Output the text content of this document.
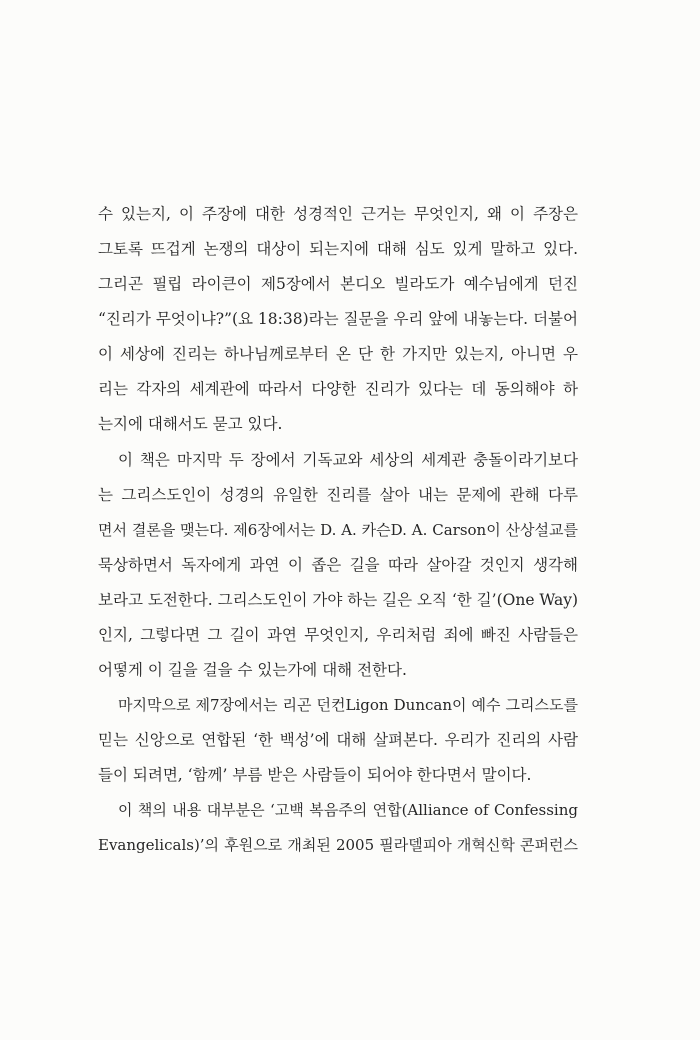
수 있는지, 이 주장에 대한 성경적인 근거는 무엇인지, 왜 이 주장은
그토록 뜨겁게 논쟁의 대상이 되는지에 대해 심도 있게 말하고 있다.
그리곤 필립 라이큰이 제5장에서 본디오 빌라도가 예수님에게 던진
“진리가 무엇이냐?”(요 18:38)라는 질문을 우리 앞에 내놓는다. 더불어
이 세상에 진리는 하나님께로부터 온 단 한 가지만 있는지, 아니면 우
리는 각자의 세계관에 따라서 다양한 진리가 있다는 데 동의해야 하
는지에 대해서도 묻고 있다.
이 책은 마지막 두 장에서 기독교와 세상의 세계관 충돌이라기보다
는 그리스도인이 성경의 유일한 진리를 살아 내는 문제에 관해 다루
면서 결론을 맺는다. 제6장에서는 D. A. 카슨D. A. Carson이 산상설교를
묵상하면서 독자에게 과연 이 좁은 길을 따라 살아갈 것인지 생각해
보라고 도전한다. 그리스도인이 가야 하는 길은 오직 ‘한 길’(One Way)
인지, 그렇다면 그 길이 과연 무엇인지, 우리처럼 죄에 빠진 사람들은
어떻게 이 길을 걸을 수 있는가에 대해 전한다.
마지막으로 제7장에서는 리곤 던컨Ligon Duncan이 예수 그리스도를
믿는 신앙으로 연합된 ‘한 백성’에 대해 살펴본다. 우리가 진리의 사람
들이 되려면, ‘함께’ 부름 받은 사람들이 되어야 한다면서 말이다.
이 책의 내용 대부분은 ‘고백 복음주의 연합(Alliance of Confessing
Evangelicals)’의 후원으로 개최된 2005 필라델피아 개혁신학 콘퍼런스
